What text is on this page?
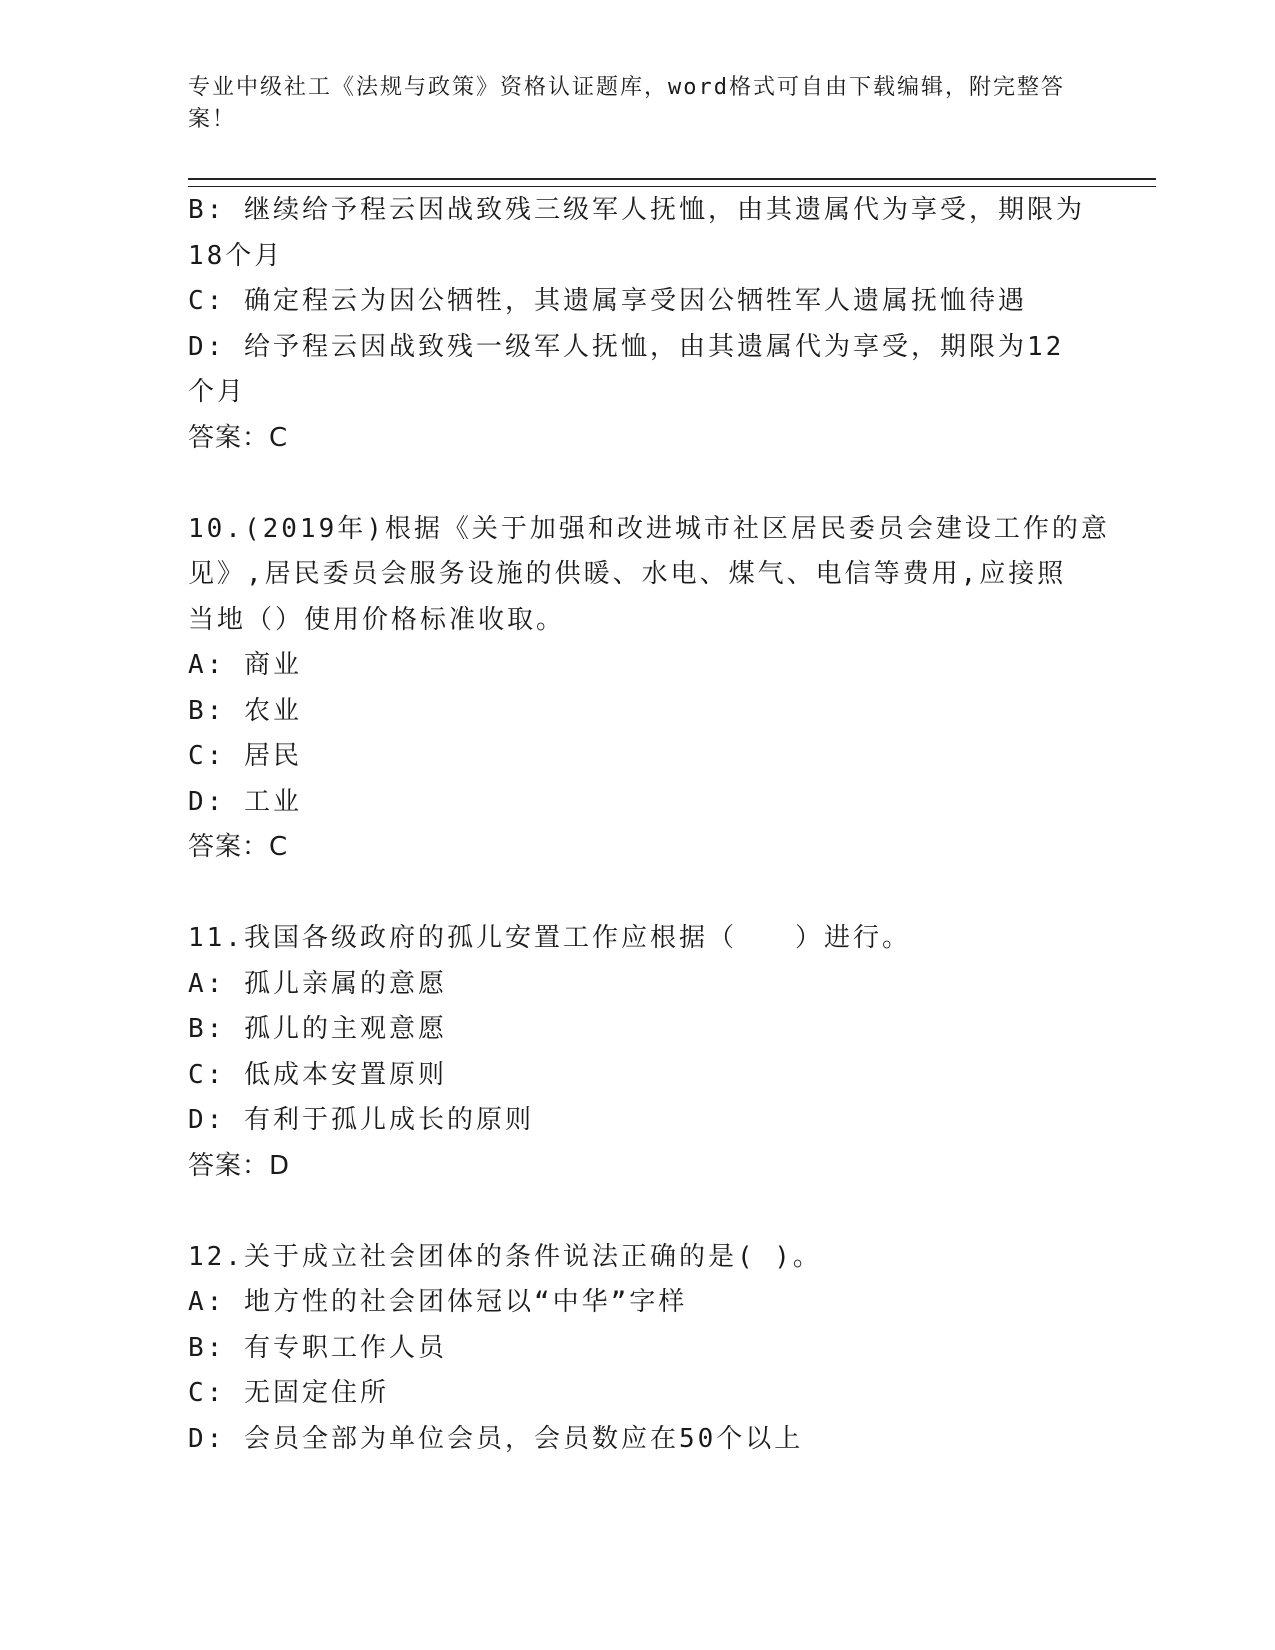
专业中级社工《法规与政策》资格认证题库，word格式可自由下载编辑，附完整答案！
B: 继续给予程云因战致残三级军人抚恤，由其遗属代为享受，期限为
18个月
C: 确定程云为因公牺牲，其遗属享受因公牺牲军人遗属抚恤待遇
D: 给予程云因战致残一级军人抚恤，由其遗属代为享受，期限为12
个月
答案：C
10.(2019年)根据《关于加强和改进城市社区居民委员会建设工作的意
见》,居民委员会服务设施的供暖、水电、煤气、电信等费用,应接照
当地（）使用价格标准收取。
A: 商业
B: 农业
C: 居民
D: 工业
答案：C
11.我国各级政府的孤儿安置工作应根据（　　）进行。
A: 孤儿亲属的意愿
B: 孤儿的主观意愿
C: 低成本安置原则
D: 有利于孤儿成长的原则
答案：D
12.关于成立社会团体的条件说法正确的是( )。
A: 地方性的社会团体冠以“中华”字样
B: 有专职工作人员
C: 无固定住所
D: 会员全部为单位会员，会员数应在50个以上
